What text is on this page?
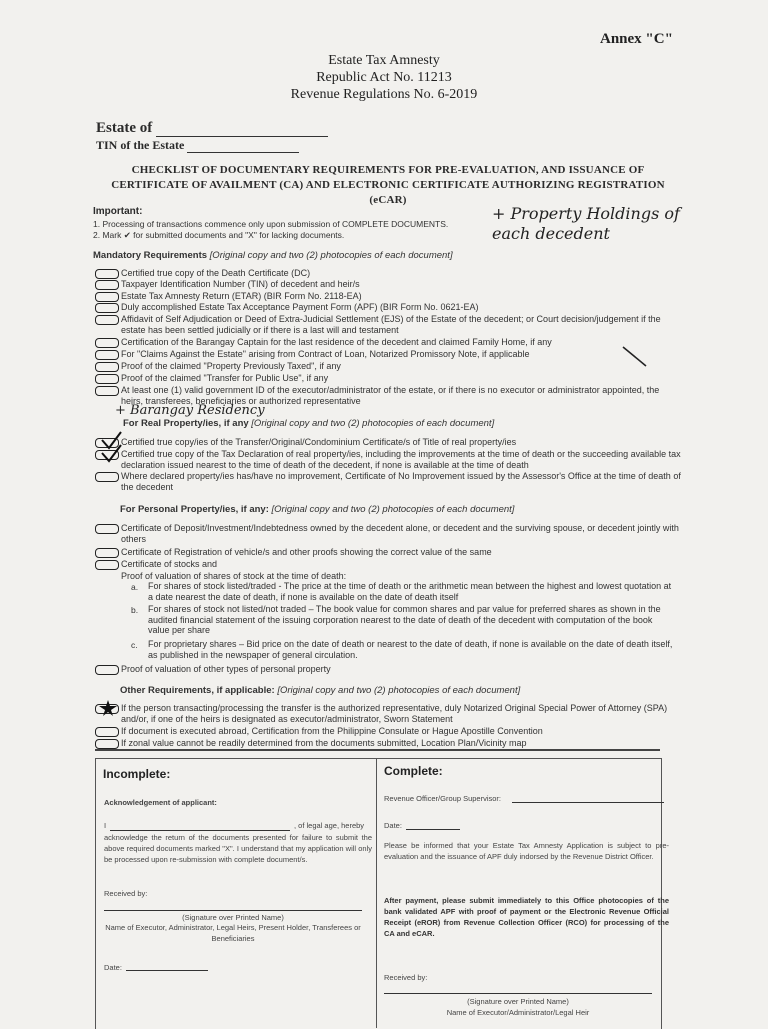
Annex "C"
Estate Tax Amnesty
Republic Act No. 11213
Revenue Regulations No. 6-2019
Estate of
TIN of the Estate
CHECKLIST OF DOCUMENTARY REQUIREMENTS FOR PRE-EVALUATION, AND ISSUANCE OF CERTIFICATE OF AVAILMENT (CA) AND ELECTRONIC CERTIFICATE AUTHORIZING REGISTRATION (eCAR)
Important:
1. Processing of transactions commence only upon submission of COMPLETE DOCUMENTS.
2. Mark ✔ for submitted documents and "X" for lacking documents.
+ Property Holdings of each decedent
Mandatory Requirements [Original copy and two (2) photocopies of each document]
Certified true copy of the Death Certificate (DC)
Taxpayer Identification Number (TIN) of decedent and heir/s
Estate Tax Amnesty Return (ETAR) (BIR Form No. 2118-EA)
Duly accomplished Estate Tax Acceptance Payment Form (APF) (BIR Form No. 0621-EA)
Affidavit of Self Adjudication or Deed of Extra-Judicial Settlement (EJS) of the Estate of the decedent; or Court decision/judgement if the estate has been settled judicially or if there is a last will and testament
Certification of the Barangay Captain for the last residence of the decedent and claimed Family Home, if any
For "Claims Against the Estate" arising from Contract of Loan, Notarized Promissory Note, if applicable
Proof of the claimed "Property Previously Taxed", if any
Proof of the claimed "Transfer for Public Use", if any
At least one (1) valid government ID of the executor/administrator of the estate, or if there is no executor or administrator appointed, the heirs, transferees, beneficiaries or authorized representative
+ Barangay Residency
For Real Property/ies, if any [Original copy and two (2) photocopies of each document]
Certified true copy/ies of the Transfer/Original/Condominium Certificate/s of Title of real property/ies
Certified true copy of the Tax Declaration of real property/ies, including the improvements at the time of death or the succeeding available tax declaration issued nearest to the time of death of the decedent, if none is available at the time of death
Where declared property/ies has/have no improvement, Certificate of No Improvement issued by the Assessor's Office at the time of death of the decedent
For Personal Property/ies, if any: [Original copy and two (2) photocopies of each document]
Certificate of Deposit/Investment/Indebtedness owned by the decedent alone, or decedent and the surviving spouse, or decedent jointly with others
Certificate of Registration of vehicle/s and other proofs showing the correct value of the same
Certificate of stocks and
Proof of valuation of shares of stock at the time of death:
a. For shares of stock listed/traded - The price at the time of death or the arithmetic mean between the highest and lowest quotation at a date nearest the date of death, if none is available on the date of death itself
b. For shares of stock not listed/not traded – The book value for common shares and par value for preferred shares as shown in the audited financial statement of the issuing corporation nearest to the date of death of the decedent with computation of the book value per share
c. For proprietary shares – Bid price on the date of death or nearest to the date of death, if none is available on the date of death itself, as published in the newspaper of general circulation.
Proof of valuation of other types of personal property
Other Requirements, if applicable: [Original copy and two (2) photocopies of each document]
If the person transacting/processing the transfer is the authorized representative, duly Notarized Original Special Power of Attorney (SPA) and/or, if one of the heirs is designated as executor/administrator, Sworn Statement
If document is executed abroad, Certification from the Philippine Consulate or Hague Apostille Convention
If zonal value cannot be readily determined from the documents submitted, Location Plan/Vicinity map
Incomplete:
Acknowledgement of applicant:
I	, of legal age, hereby
acknowledge the return of the documents presented for failure to submit the above required documents marked "X". I understand that my application will only be processed upon re-submission with complete document/s.
Received by:
(Signature over Printed Name)
Name of Executor, Administrator, Legal Heirs, Present Holder, Transferees or Beneficiaries
Date:
Complete:
Revenue Officer/Group Supervisor:
Date:
Please be informed that your Estate Tax Amnesty Application is subject to pre-evaluation and the issuance of APF duly indorsed by the Revenue District Officer.
After payment, please submit immediately to this Office photocopies of the bank validated APF with proof of payment or the Electronic Revenue Official Receipt (eROR) from Revenue Collection Officer (RCO) for processing of the CA and eCAR.
Received by:
(Signature over Printed Name)
Name of Executor/Administrator/Legal Heir
